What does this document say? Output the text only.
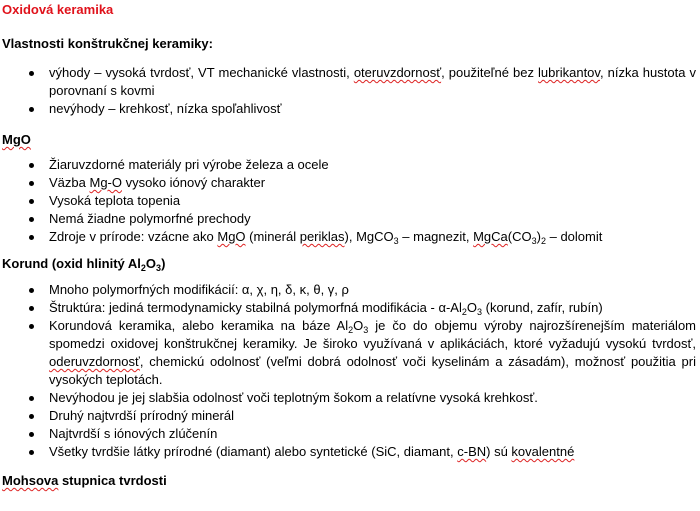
Oxidová keramika
Vlastnosti konštrukčnej keramiky:
výhody – vysoká tvrdosť, VT mechanické vlastnosti, oteruvzdornosť, použiteľné bez lubrikantov, nízka hustota v porovnaní s kovmi
nevýhody – krehkosť, nízka spoľahlivosť
MgO
Žiaruvzdorné materiály pri výrobe železa a ocele
Väzba Mg-O vysoko iónový charakter
Vysoká teplota topenia
Nemá žiadne polymorfné prechody
Zdroje v prírode: vzácne ako MgO (minerál periklas), MgCO$_3$ – magnezit, $MgCa(CO_3)_2$ – dolomit
Korund (oxid hlinitý $Al_2O_3$)
Mnoho polymorfných modifikácií: α, χ, η, δ, κ, θ, γ, ρ
Štruktúra: jediná termodynamicky stabilná polymorfná modifikácia - $\alpha-Al_2O_3$ (korund, zafír, rubín)
Korundová keramika, alebo keramika na báze $Al_2O_3$ je čo do objemu výroby najrozšírenejším materiálom spomedzi oxidovej konštrukčnej keramiky. Je široko využívaná v aplikáciách, ktoré vyžadujú vysokú tvrdosť, oderuvzdornosť, chemickú odolnosť (veľmi dobrá odolnosť voči kyselinám a zásadám), možnosť použitia pri vysokých teplotách.
Nevýhodou je jej slabšia odolnosť voči teplotným šokom a relatívne vysoká krehkosť.
Druhý najtvrdší prírodný minerál
Najtvrdší s iónových zlúčenín
Všetky tvrdšie látky prírodné (diamant) alebo syntetické (SiC, diamant, c-BN) sú kovalentné
Mohsova stupnica tvrdosti
